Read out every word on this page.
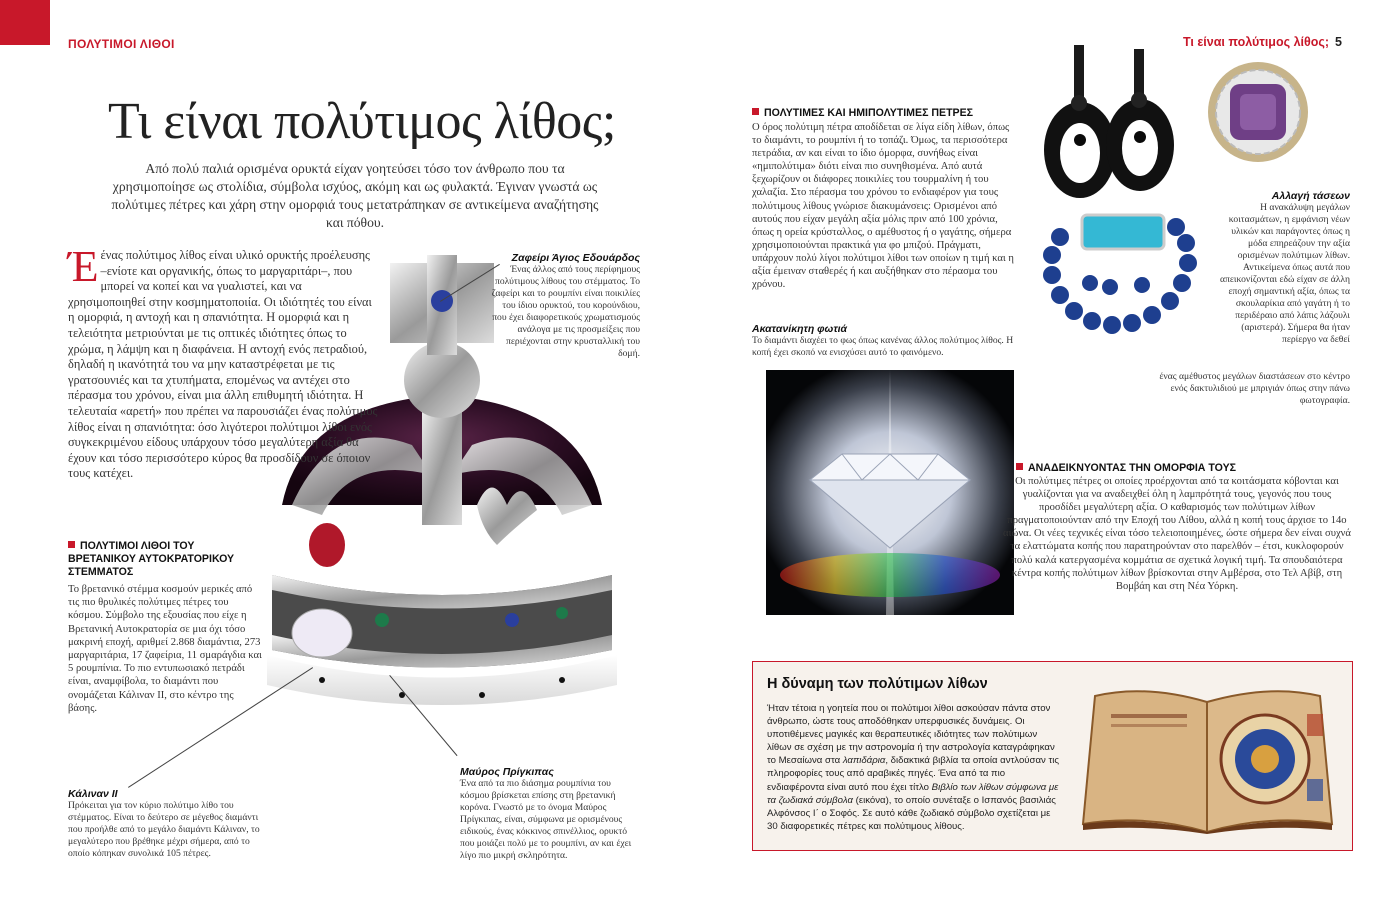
ΠΟΛΥΤΙΜΟΙ ΛΙΘΟΙ	Τι είναι πολύτιμος λίθος; 5
Τι είναι πολύτιμος λίθος;
Από πολύ παλιά ορισμένα ορυκτά είχαν γοητεύσει τόσο τον άνθρωπο που τα χρησιμοποίησε ως στολίδια, σύμβολα ισχύος, ακόμη και ως φυλακτά. Έγιναν γνωστά ως πολύτιμες πέτρες και χάρη στην ομορφιά τους μετατράπηκαν σε αντικείμενα αναζήτησης και πόθου.
Έένας πολύτιμος λίθος είναι υλικό ορυκτής προέλευσης –ενίοτε και οργανικής, όπως το μαργαριτάρι–, που μπορεί να κοπεί και να γυαλιστεί, και να χρησιμοποιηθεί στην κοσμηματοποιία. Οι ιδιότητές του είναι η ομορφιά, η αντοχή και η σπανιότητα. Η ομορφιά και η τελειότητα μετριούνται με τις οπτικές ιδιότητες όπως το χρώμα, η λάμψη και η διαφάνεια. Η αντοχή ενός πετραδιού, δηλαδή η ικανότητά του να μην καταστρέφεται με τις γρατσουνιές και τα χτυπήματα, επομένως να αντέχει στο πέρασμα του χρόνου, είναι μια άλλη επιθυμητή ιδιότητα. Η τελευταία «αρετή» που πρέπει να παρουσιάζει ένας πολύτιμος λίθος είναι η σπανιότητα: όσο λιγότεροι πολύτιμοι λίθοι ενός συγκεκριμένου είδους υπάρχουν τόσο μεγαλύτερη αξία θα έχουν και τόσο περισσότερο κύρος θα προσδίδουν σε όποιον τους κατέχει.
ΠΟΛΥΤΙΜΟΙ ΛΙΘΟΙ ΤΟΥ ΒΡΕΤΑΝΙΚΟΥ ΑΥΤΟΚΡΑΤΟΡΙΚΟΥ ΣΤΕΜΜΑΤΟΣ
Το βρετανικό στέμμα κοσμούν μερικές από τις πιο θρυλικές πολύτιμες πέτρες του κόσμου. Σύμβολο της εξουσίας που είχε η Βρετανική Αυτοκρατορία σε μια όχι τόσο μακρινή εποχή, αριθμεί 2.868 διαμάντια, 273 μαργαριτάρια, 17 ζαφείρια, 11 σμαράγδια και 5 ρουμπίνια. Το πιο εντυπωσιακό πετράδι είναι, αναμφίβολα, το διαμάντι που ονομάζεται Κάλιναν ΙΙ, στο κέντρο της βάσης.
Ζαφείρι Άγιος Εδουάρδος
Ένας άλλος από τους περίφημους πολύτιμους λίθους του στέμματος. Το ζαφείρι και το ρουμπίνι είναι ποικιλίες του ίδιου ορυκτού, του κορούνδιου, που έχει διαφορετικούς χρωματισμούς ανάλογα με τις προσμείξεις που περιέχονται στην κρυσταλλική του δομή.
Κάλιναν ΙΙ
Πρόκειται για τον κύριο πολύτιμο λίθο του στέμματος. Είναι το δεύτερο σε μέγεθος διαμάντι που προήλθε από το μεγάλο διαμάντι Κάλιναν, το μεγαλύτερο που βρέθηκε μέχρι σήμερα, από το οποίο κόπηκαν συνολικά 105 πέτρες.
Μαύρος Πρίγκιπας
Ένα από τα πιο διάσημα ρουμπίνια του κόσμου βρίσκεται επίσης στη βρετανική κορόνα. Γνωστό με το όνομα Μαύρος Πρίγκιπας, είναι, σύμφωνα με ορισμένους ειδικούς, ένας κόκκινος σπινέλλιος, ορυκτό που μοιάζει πολύ με το ρουμπίνι, αν και έχει λίγο πιο μικρή σκληρότητα.
ΠΟΛΥΤΙΜΕΣ ΚΑΙ ΗΜΙΠΟΛΥΤΙΜΕΣ ΠΕΤΡΕΣ
Ο όρος πολύτιμη πέτρα αποδίδεται σε λίγα είδη λίθων, όπως το διαμάντι, το ρουμπίνι ή το τοπάζι. Όμως, τα περισσότερα πετράδια, αν και είναι το ίδιο όμορφα, συνήθως είναι «ημιπολύτιμα» διότι είναι πιο συνηθισμένα. Από αυτά ξεχωρίζουν οι διάφορες ποικιλίες του τουρμαλίνη ή του χαλαζία. Στο πέρασμα του χρόνου το ενδιαφέρον για τους πολύτιμους λίθους γνώρισε διακυμάνσεις: Ορισμένοι από αυτούς που είχαν μεγάλη αξία μόλις πριν από 100 χρόνια, όπως η ορεία κρύσταλλος, ο αμέθυστος ή ο γαγάτης, σήμερα χρησιμοποιούνται πρακτικά για φο μπιζού. Πράγματι, υπάρχουν πολύ λίγοι πολύτιμοι λίθοι των οποίων η τιμή και η αξία έμειναν σταθερές ή και αυξήθηκαν στο πέρασμα του χρόνου.
Αλλαγή τάσεων
Η ανακάλυψη μεγάλων κοιτασμάτων, η εμφάνιση νέων υλικών και παράγοντες όπως η μόδα επηρεάζουν την αξία ορισμένων πολύτιμων λίθων. Αντικείμενα όπως αυτά που απεικονίζονται εδώ είχαν σε άλλη εποχή σημαντική αξία, όπως τα σκουλαρίκια από γαγάτη ή το περιδέραιο από λάπις λάζουλι (αριστερά). Σήμερα θα ήταν περίεργο να δεθεί
ένας αμέθυστος μεγάλων διαστάσεων στο κέντρο ενός δακτυλιδιού με μπριγιάν όπως στην πάνω φωτογραφία.
Ακατανίκητη φωτιά
Το διαμάντι διαχέει το φως όπως κανένας άλλος πολύτιμος λίθος. Η κοπή έχει σκοπό να ενισχύσει αυτό το φαινόμενο.
ΑΝΑΔΕΙΚΝΥΟΝΤΑΣ ΤΗΝ ΟΜΟΡΦΙΑ ΤΟΥΣ
Οι πολύτιμες πέτρες οι οποίες προέρχονται από τα κοιτάσματα κόβονται και γυαλίζονται για να αναδειχθεί όλη η λαμπρότητά τους, γεγονός που τους προσδίδει μεγαλύτερη αξία. Ο καθαρισμός των πολύτιμων λίθων πραγματοποιούνταν από την Εποχή του Λίθου, αλλά η κοπή τους άρχισε το 14ο αιώνα. Οι νέες τεχνικές είναι τόσο τελειοποιημένες, ώστε σήμερα δεν είναι συχνά τα ελαττώματα κοπής που παρατηρούνταν στο παρελθόν – έτσι, κυκλοφορούν πολύ καλά κατεργασμένα κομμάτια σε σχετικά λογική τιμή. Τα σπουδαιότερα κέντρα κοπής πολύτιμων λίθων βρίσκονται στην Αμβέρσα, στο Τελ Αβίβ, στη Βομβάη και στη Νέα Υόρκη.
Η δύναμη των πολύτιμων λίθων
Ήταν τέτοια η γοητεία που οι πολύτιμοι λίθοι ασκούσαν πάντα στον άνθρωπο, ώστε τους αποδόθηκαν υπερφυσικές δυνάμεις. Οι υποτιθέμενες μαγικές και θεραπευτικές ιδιότητες των πολύτιμων λίθων σε σχέση με την αστρονομία ή την αστρολογία καταγράφηκαν το Μεσαίωνα στα λαπιδάρια, διδακτικά βιβλία τα οποία αντλούσαν τις πληροφορίες τους από αραβικές πηγές. Ένα από τα πιο ενδιαφέροντα είναι αυτό που έχει τίτλο Βιβλίο των λίθων σύμφωνα με τα ζωδιακά σύμβολα (εικόνα), το οποίο συνέταξε ο Ισπανός βασιλιάς Αλφόνσος Ι΄ ο Σοφός. Σε αυτό κάθε ζωδιακό σύμβολο σχετίζεται με 30 διαφορετικές πέτρες και πολύτιμους λίθους.
